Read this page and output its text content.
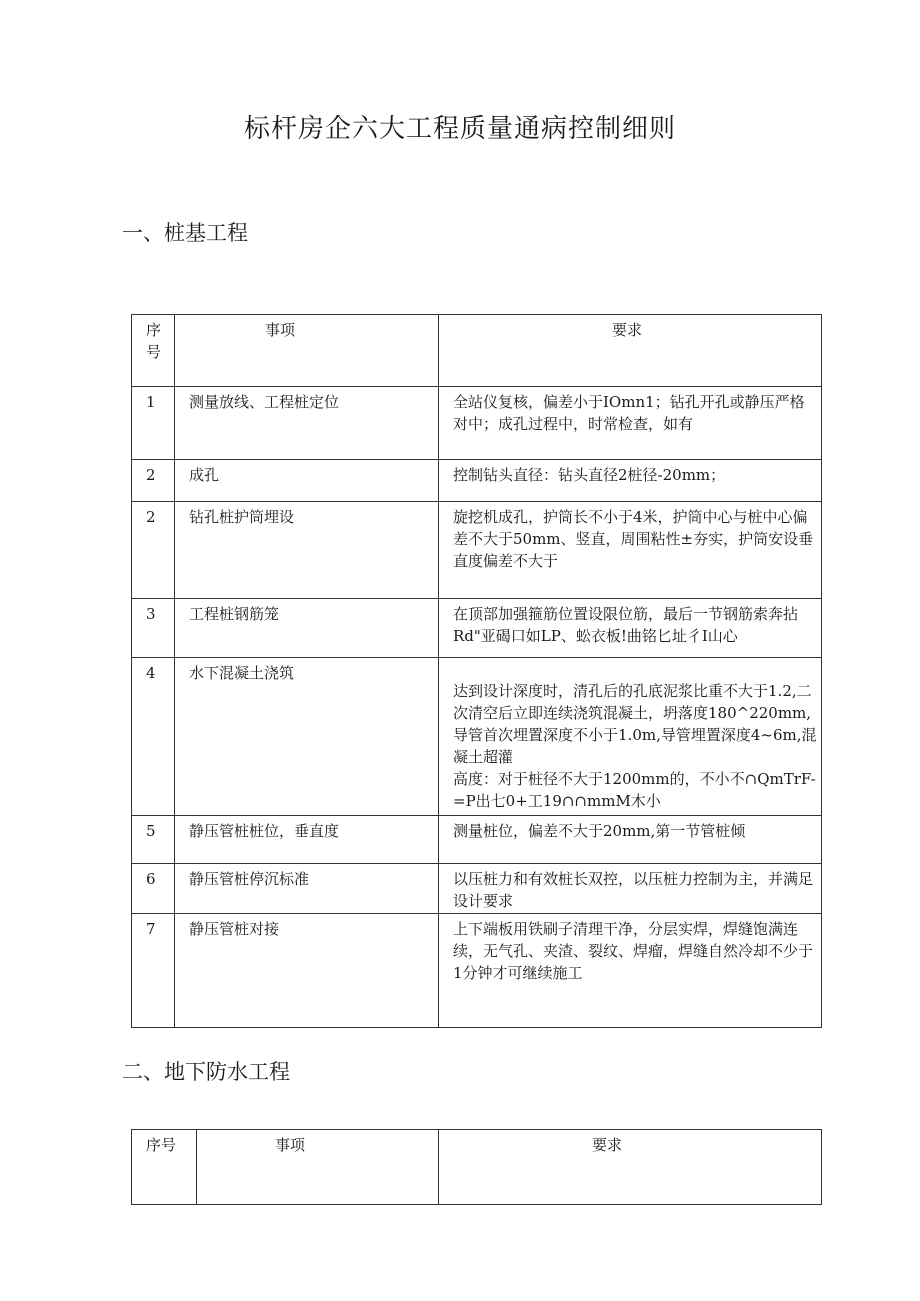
标杆房企六大工程质量通病控制细则
一、桩基工程
序号	事项	要求

1	测量放线、工程桩定位	全站仪复核，偏差小于IOmn1；钻孔开孔或静压严格对中；成孔过程中，时常检查，如有

2	成孔	控制钻头直径：钻头直径2桩径-20mm；

2	钻孔桩护筒埋设	旋挖机成孔，护筒长不小于4米，护筒中心与桩中心偏差不大于50mm、竖直，周围粘性±夯实，护筒安设垂直度偏差不大于

3	工程桩钢筋笼	在顶部加强箍筋位置设限位筋，最后一节钢筋索奔拈Rd"亚碣口如LP、蚣衣板!曲铭匕址彳I山心

4	水下混凝土浇筑	达到设计深度时，清孔后的孔底泥浆比重不大于1.2,二次清空后立即连续浇筑混凝土，坍落度180^220mm,导管首次埋置深度不小于1.0m,导管埋置深度4~6m,混凝土超灌
高度：对于桩径不大于1200mm的，不小不∩QmTrF-=P出七0+工19∩∩mmM木小

5	静压管桩桩位，垂直度	测量桩位，偏差不大于20mm,第一节管桩倾

6	静压管桩停沉标准	以压桩力和有效桩长双控，以压桩力控制为主，并满足设计要求

7	静压管桩对接	上下端板用铁刷子清理干净，分层实焊，焊缝饱满连续，无气孔、夹渣、裂纹、焊瘤，焊缝自然冷却不少于1分钟才可继续施工
二、地下防水工程
序号	事项	要求
